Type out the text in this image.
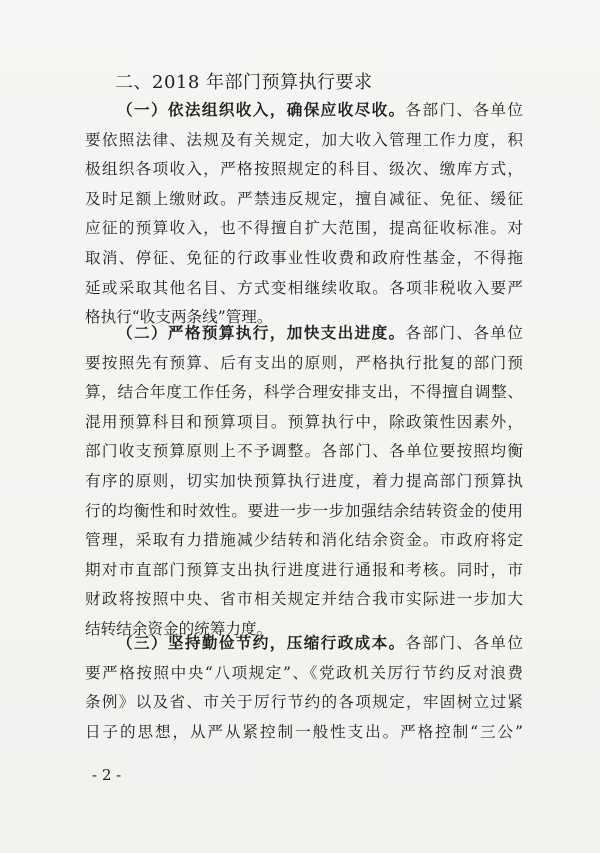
二、2018 年部门预算执行要求

（一）依法组织收入，确保应收尽收。各部门、各单位
要依照法律、法规及有关规定，加大收入管理工作力度，积
极组织各项收入，严格按照规定的科目、级次、缴库方式，
及时足额上缴财政。严禁违反规定，擅自减征、免征、缓征
应征的预算收入，也不得擅自扩大范围，提高征收标准。对
取消、停征、免征的行政事业性收费和政府性基金，不得拖
延或采取其他名目、方式变相继续收取。各项非税收入要严
格执行“收支两条线”管理。

（二）严格预算执行，加快支出进度。各部门、各单位
要按照先有预算、后有支出的原则，严格执行批复的部门预
算，结合年度工作任务，科学合理安排支出，不得擅自调整、
混用预算科目和预算项目。预算执行中，除政策性因素外，
部门收支预算原则上不予调整。各部门、各单位要按照均衡
有序的原则，切实加快预算执行进度，着力提高部门预算执
行的均衡性和时效性。要进一步一步加强结余结转资金的使用
管理，采取有力措施减少结转和消化结余资金。市政府将定
期对市直部门预算支出执行进度进行通报和考核。同时，市
财政将按照中央、省市相关规定并结合我市实际进一步加大
结转结余资金的统筹力度。

（三）坚持勤俭节约，压缩行政成本。各部门、各单位
要严格按照中央“八项规定”、《党政机关厉行节约反对浪费
条例》以及省、市关于厉行节约的各项规定，牢固树立过紧
日子的思想，从严从紧控制一般性支出。严格控制“三公”

- 2 -
